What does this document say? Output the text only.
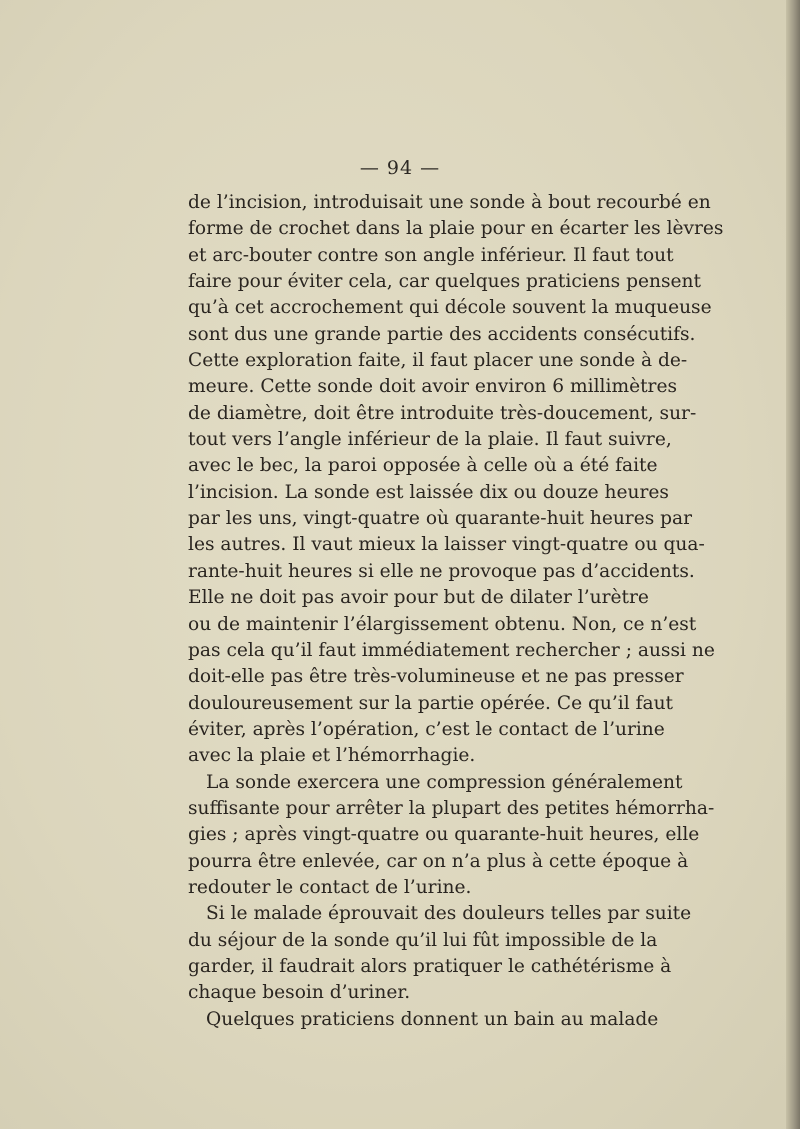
— 94 —
de l’incision, introduisait une sonde à bout recourbé en
forme de crochet dans la plaie pour en écarter les lèvres
et arc-bouter contre son angle inférieur. Il faut tout
faire pour éviter cela, car quelques praticiens pensent
qu’à cet accrochement qui décole souvent la muqueuse
sont dus une grande partie des accidents consécutifs.
Cette exploration faite, il faut placer une sonde à de-
meure. Cette sonde doit avoir environ 6 millimètres
de diamètre, doit être introduite très-doucement, sur-
tout vers l’angle inférieur de la plaie. Il faut suivre,
avec le bec, la paroi opposée à celle où a été faite
l’incision. La sonde est laissée dix ou douze heures
par les uns, vingt-quatre où quarante-huit heures par
les autres. Il vaut mieux la laisser vingt-quatre ou qua-
rante-huit heures si elle ne provoque pas d’accidents.
Elle ne doit pas avoir pour but de dilater l’urètre
ou de maintenir l’élargissement obtenu. Non, ce n’est
pas cela qu’il faut immédiatement rechercher ; aussi ne
doit-elle pas être très-volumineuse et ne pas presser
douloureusement sur la partie opérée. Ce qu’il faut
éviter, après l’opération, c’est le contact de l’urine
avec la plaie et l’hémorrhagie.
La sonde exercera une compression généralement
suffisante pour arrêter la plupart des petites hémorrha-
gies ; après vingt-quatre ou quarante-huit heures, elle
pourra être enlevée, car on n’a plus à cette époque à
redouter le contact de l’urine.
Si le malade éprouvait des douleurs telles par suite
du séjour de la sonde qu’il lui fût impossible de la
garder, il faudrait alors pratiquer le cathétérisme à
chaque besoin d’uriner.
Quelques praticiens donnent un bain au malade
